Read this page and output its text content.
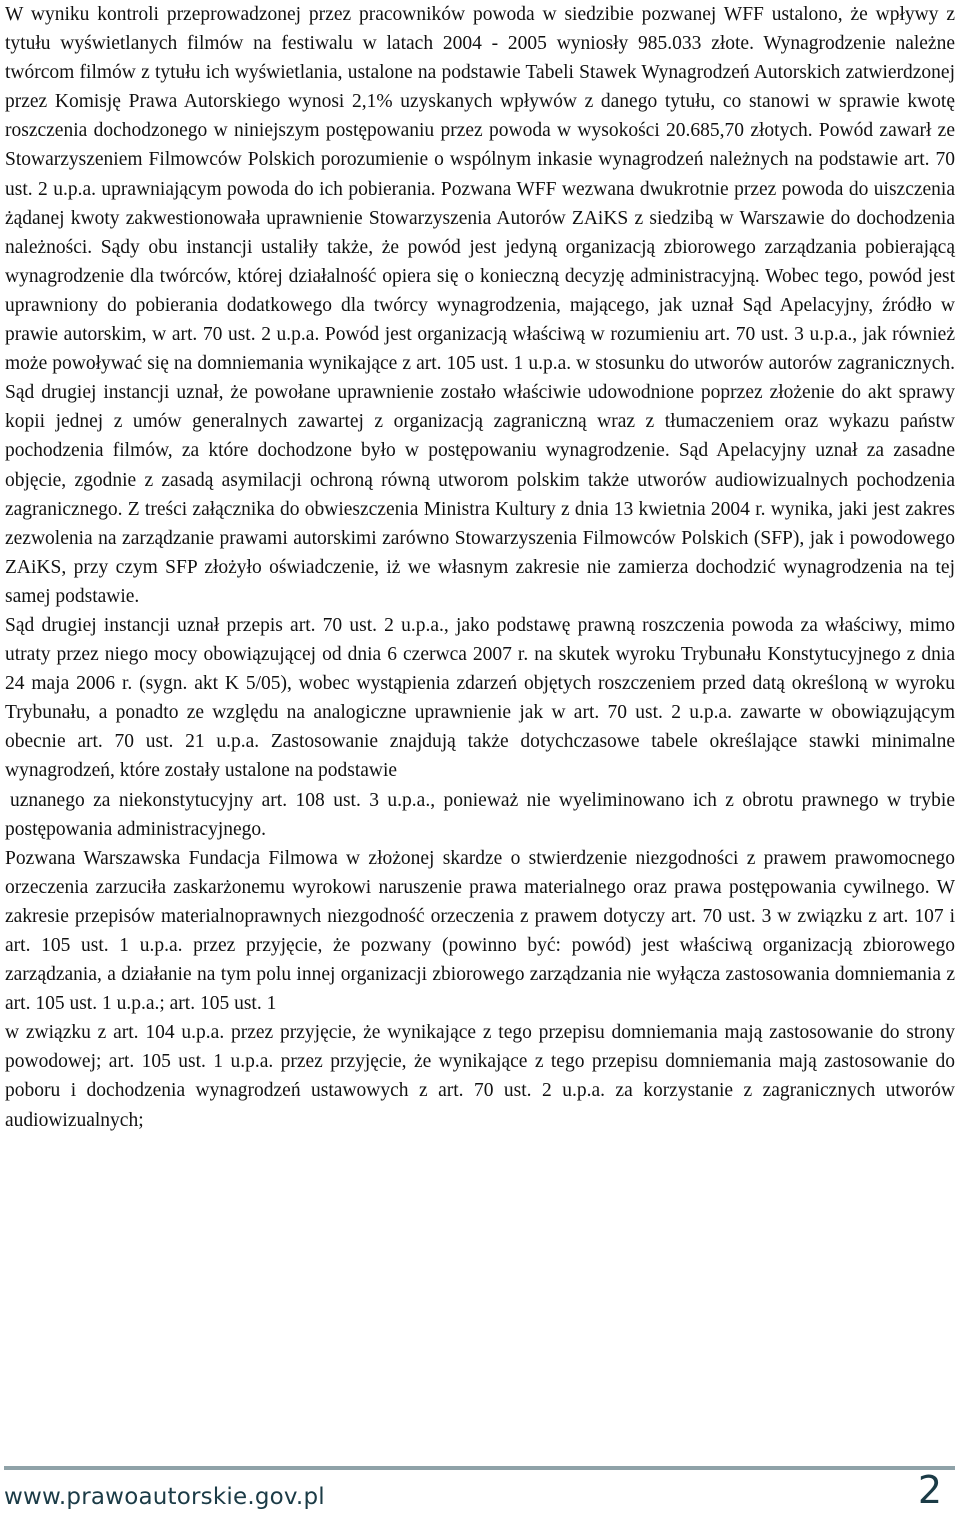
W wyniku kontroli przeprowadzonej przez pracowników powoda w siedzibie pozwanej WFF ustalono, że wpływy z tytułu wyświetlanych filmów na festiwalu w latach 2004 - 2005 wyniosły 985.033 złote. Wynagrodzenie należne twórcom filmów z tytułu ich wyświetlania, ustalone na podstawie Tabeli Stawek Wynagrodzeń Autorskich zatwierdzonej przez Komisję Prawa Autorskiego wynosi 2,1% uzyskanych wpływów z danego tytułu, co stanowi w sprawie kwotę roszczenia dochodzonego w niniejszym postępowaniu przez powoda w wysokości 20.685,70 złotych. Powód zawarł ze Stowarzyszeniem Filmowców Polskich porozumienie o wspólnym inkasie wynagrodzeń należnych na podstawie art. 70 ust. 2 u.p.a. uprawniającym powoda do ich pobierania. Pozwana WFF wezwana dwukrotnie przez powoda do uiszczenia żądanej kwoty zakwestionowała uprawnienie Stowarzyszenia Autorów ZAiKS z siedzibą w Warszawie do dochodzenia należności. Sądy obu instancji ustaliły także, że powód jest jedyną organizacją zbiorowego zarządzania pobierającą wynagrodzenie dla twórców, której działalność opiera się o konieczną decyzję administracyjną. Wobec tego, powód jest uprawniony do pobierania dodatkowego dla twórcy wynagrodzenia, mającego, jak uznał Sąd Apelacyjny, źródło w prawie autorskim, w art. 70 ust. 2 u.p.a. Powód jest organizacją właściwą w rozumieniu art. 70 ust. 3 u.p.a., jak również może powoływać się na domniemania wynikające z art. 105 ust. 1 u.p.a. w stosunku do utworów autorów zagranicznych. Sąd drugiej instancji uznał, że powołane uprawnienie zostało właściwie udowodnione poprzez złożenie do akt sprawy kopii jednej z umów generalnych zawartej z organizacją zagraniczną wraz z tłumaczeniem oraz wykazu państw pochodzenia filmów, za które dochodzone było w postępowaniu wynagrodzenie. Sąd Apelacyjny uznał za zasadne objęcie, zgodnie z zasadą asymilacji ochroną równą utworom polskim także utworów audiowizualnych pochodzenia zagranicznego. Z treści załącznika do obwieszczenia Ministra Kultury z dnia 13 kwietnia 2004 r. wynika, jaki jest zakres zezwolenia na zarządzanie prawami autorskimi zarówno Stowarzyszenia Filmowców Polskich (SFP), jak i powodowego ZAiKS, przy czym SFP złożyło oświadczenie, iż we własnym zakresie nie zamierza dochodzić wynagrodzenia na tej samej podstawie.

Sąd drugiej instancji uznał przepis art. 70 ust. 2 u.p.a., jako podstawę prawną roszczenia powoda za właściwy, mimo utraty przez niego mocy obowiązującej od dnia 6 czerwca 2007 r. na skutek wyroku Trybunału Konstytucyjnego z dnia 24 maja 2006 r. (sygn. akt K 5/05), wobec wystąpienia zdarzeń objętych roszczeniem przed datą określoną w wyroku Trybunału, a ponadto ze względu na analogiczne uprawnienie jak w art. 70 ust. 2 u.p.a. zawarte w obowiązującym obecnie art. 70 ust. 21 u.p.a. Zastosowanie znajdują także dotychczasowe tabele określające stawki minimalne wynagrodzeń, które zostały ustalone na podstawie

uznanego za niekonstytucyjny art. 108 ust. 3 u.p.a., ponieważ nie wyeliminowano ich z obrotu prawnego w trybie postępowania administracyjnego.

Pozwana Warszawska Fundacja Filmowa w złożonej skardze o stwierdzenie niezgodności z prawem prawomocnego orzeczenia zarzuciła zaskarżonemu wyrokowi naruszenie prawa materialnego oraz prawa postępowania cywilnego. W zakresie przepisów materialnoprawnych niezgodność orzeczenia z prawem dotyczy art. 70 ust. 3 w związku z art. 107 i art. 105 ust. 1 u.p.a. przez przyjęcie, że pozwany (powinno być: powód) jest właściwą organizacją zbiorowego zarządzania, a działanie na tym polu innej organizacji zbiorowego zarządzania nie wyłącza zastosowania domniemania z art. 105 ust. 1 u.p.a.; art. 105 ust. 1

w związku z art. 104 u.p.a. przez przyjęcie, że wynikające z tego przepisu domniemania mają zastosowanie do strony powodowej; art. 105 ust. 1 u.p.a. przez przyjęcie, że wynikające z tego przepisu domniemania mają zastosowanie do poboru i dochodzenia wynagrodzeń ustawowych z art. 70 ust. 2 u.p.a. za korzystanie z zagranicznych utworów audiowizualnych;

www.prawoautorskie.gov.pl	2
